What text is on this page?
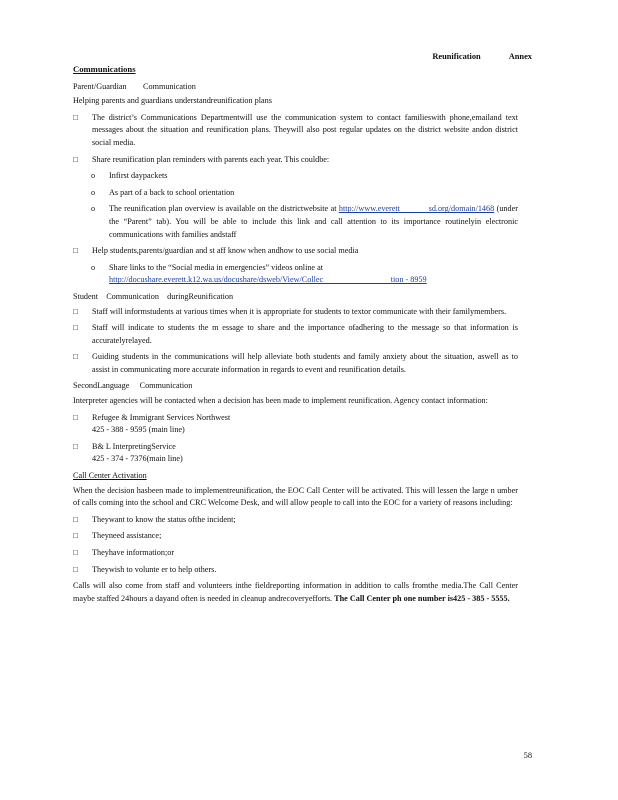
Reunification	Annex
Communications
Parent/Guardian        Communication

Helping parents and guardians understandreunification plans

□ The district’s Communications Departmentwill use the communication system to contact familieswith phone,emailand text messages about the situation and reunification plans. Theywill also post regular updates on the district website andon district social media.
□ Share reunification plan reminders with parents each year. This couldbe:
o Infirst daypackets
o As part of a back to school orientation
o The reunification plan overview is available on the districtwebsite at http://www.everett            sd.org/domain/1468 (under the “Parent” tab). You will be able to include this link and call attention to its importance routinelyin electronic communications with families andstaff
□ Help students,parents/guardian and st aff know when andhow to use social media
o Share links to the “Social media in emergencies” videos online at
http://docushare.everett.k12.wa.us/docushare/dsweb/View/Collec                                 tion - 8959
Student    Communication    duringReunification
□ Staff will informstudents at various times when it is appropriate for students to textor communicate with their familymembers.
□ Staff will indicate to students the m essage to share and the importance ofadhering to the message so that information is accuratelyrelayed.
□ Guiding students in the communications will help alleviate both students and family anxiety about the situation, aswell as to assist in communicating more accurate information in regards to event and reunification details.
SecondLanguage     Communication

Interpreter agencies will be contacted when a decision has been made to implement reunification. Agency contact information:

□ Refugee & Immigrant Services Northwest
425 - 388 - 9595 (main line)
□ B& L InterpretingService
425 - 374 - 7376(main line)
Call Center Activation

When the decision hasbeen made to implementreunification, the EOC Call Center will be activated. This will lessen the large n umber of calls coming into the school and CRC Welcome Desk, and will allow people to call into the EOC for a variety of reasons including:

□ Theywant to know the status ofthe incident;
□ Theyneed assistance;
□ Theyhave information;or
□ Theywish to volunte er to help others.

Calls will also come from staff and volunteers inthe fieldreporting information in addition to calls fromthe media.The Call Center maybe staffed 24hours a dayand often is needed in cleanup andrecoveryefforts. The Call Center ph one number is425 - 385 - 5555.

58
